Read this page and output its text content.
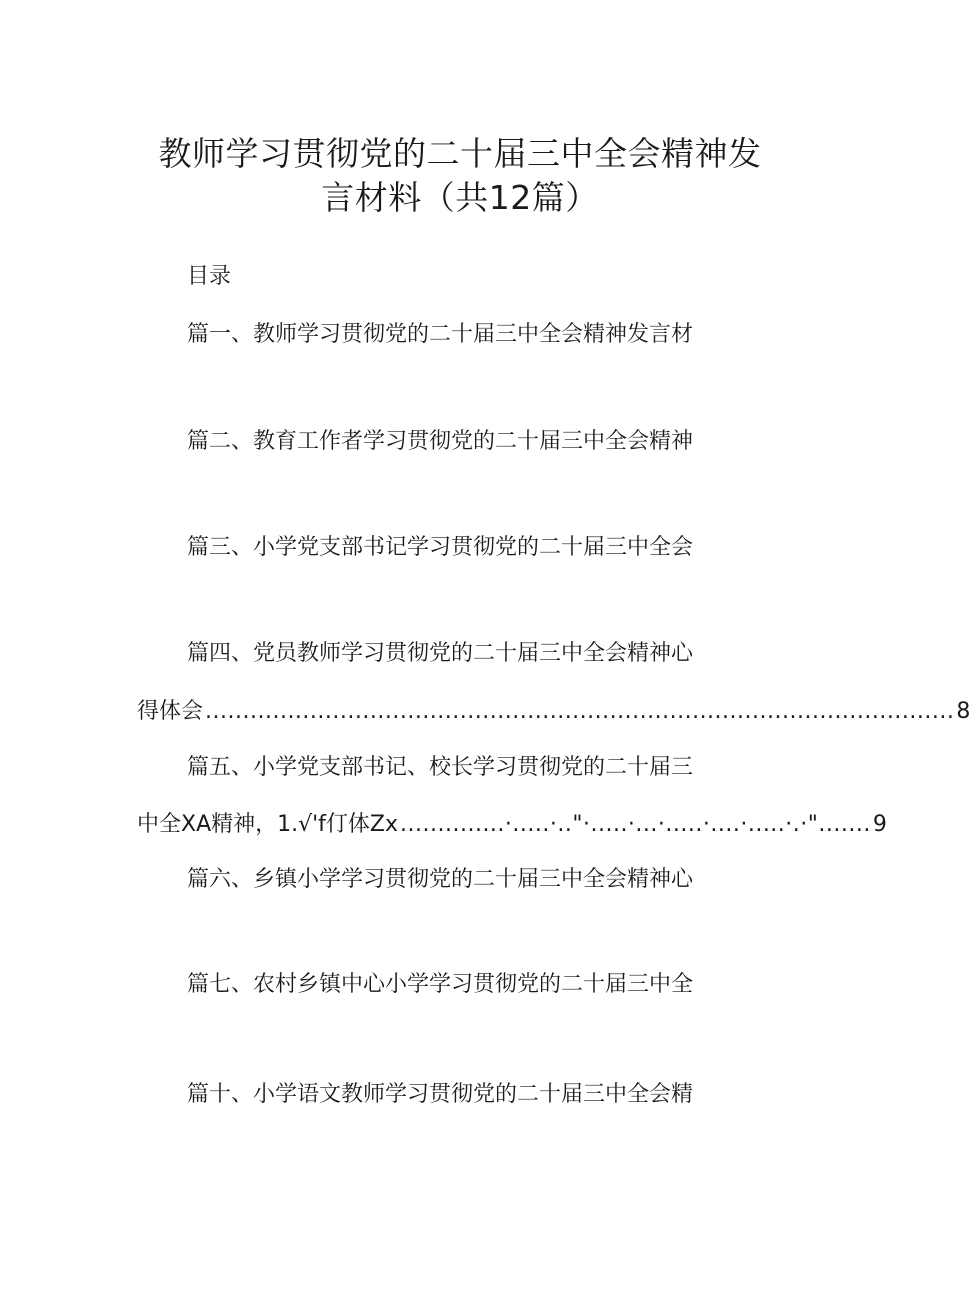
教师学习贯彻党的二十届三中全会精神发
言材料（共12篇）
目录
篇一、教师学习贯彻党的二十届三中全会精神发言材
篇二、教育工作者学习贯彻党的二十届三中全会精神
篇三、小学党支部书记学习贯彻党的二十届三中全会
篇四、党员教师学习贯彻党的二十届三中全会精神心
得体会 .................................................................................................... 8
篇五、小学党支部书记、校长学习贯彻党的二十届三
中全XA精神，1.√'f仃体Zx ..............·.....·.."·.....·...·.....·....·.....·.·"....... 9
篇六、乡镇小学学习贯彻党的二十届三中全会精神心
篇七、农村乡镇中心小学学习贯彻党的二十届三中全
篇十、小学语文教师学习贯彻党的二十届三中全会精
